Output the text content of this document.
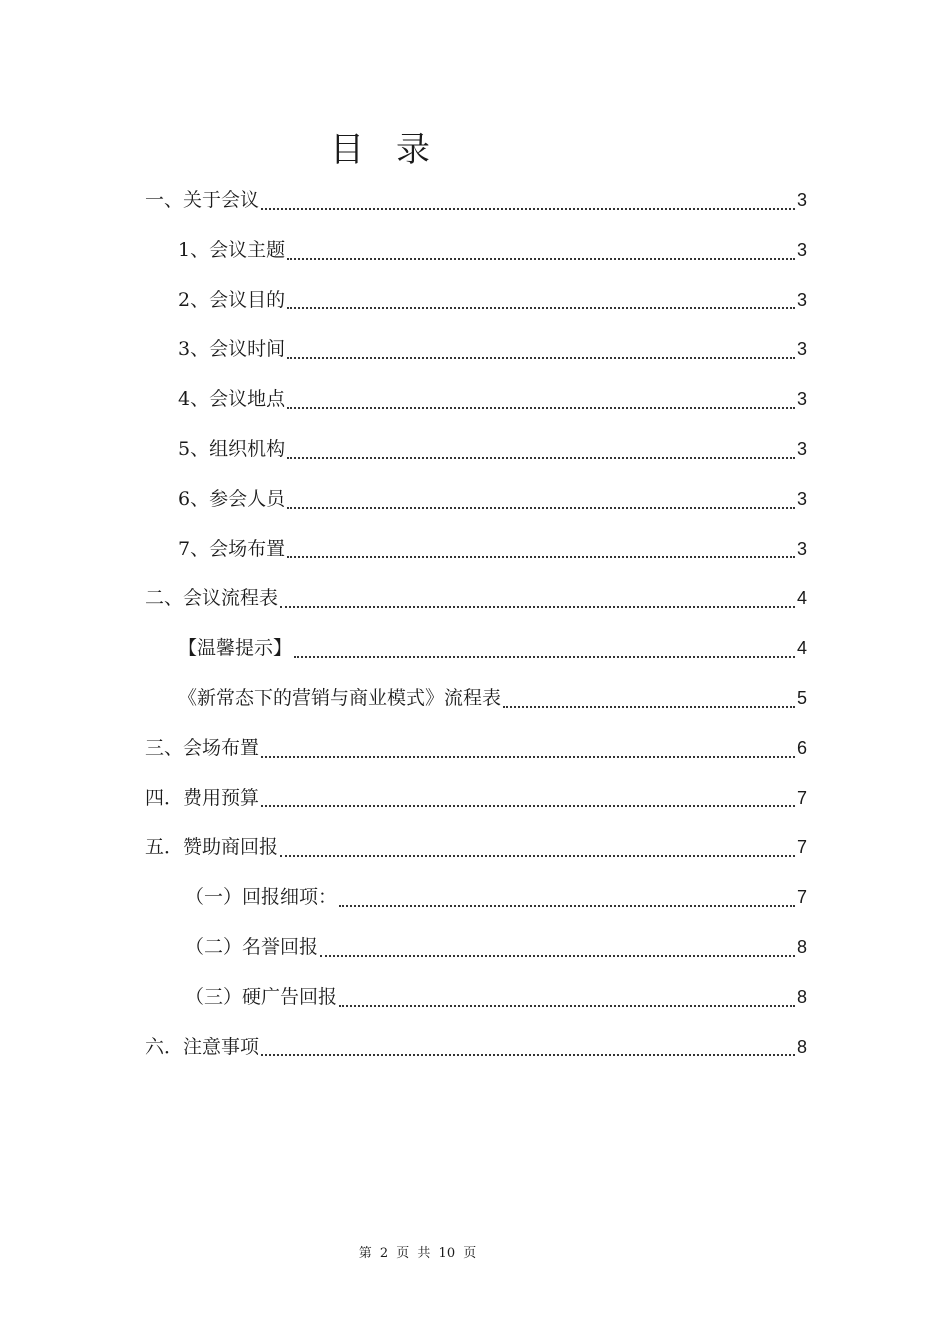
目 录
一、关于会议	3
1、会议主题	3
2、会议目的	3
3、会议时间	3
4、会议地点	3
5、组织机构	3
6、参会人员	3
7、会场布置	3
二、会议流程表	4
【温馨提示】	4
《新常态下的营销与商业模式》流程表	5
三、会场布置	6
四．费用预算	7
五．赞助商回报	7
（一）回报细项：	7
（二）名誉回报	8
（三）硬广告回报	8
六．注意事项	8
第 2 页 共 10 页
